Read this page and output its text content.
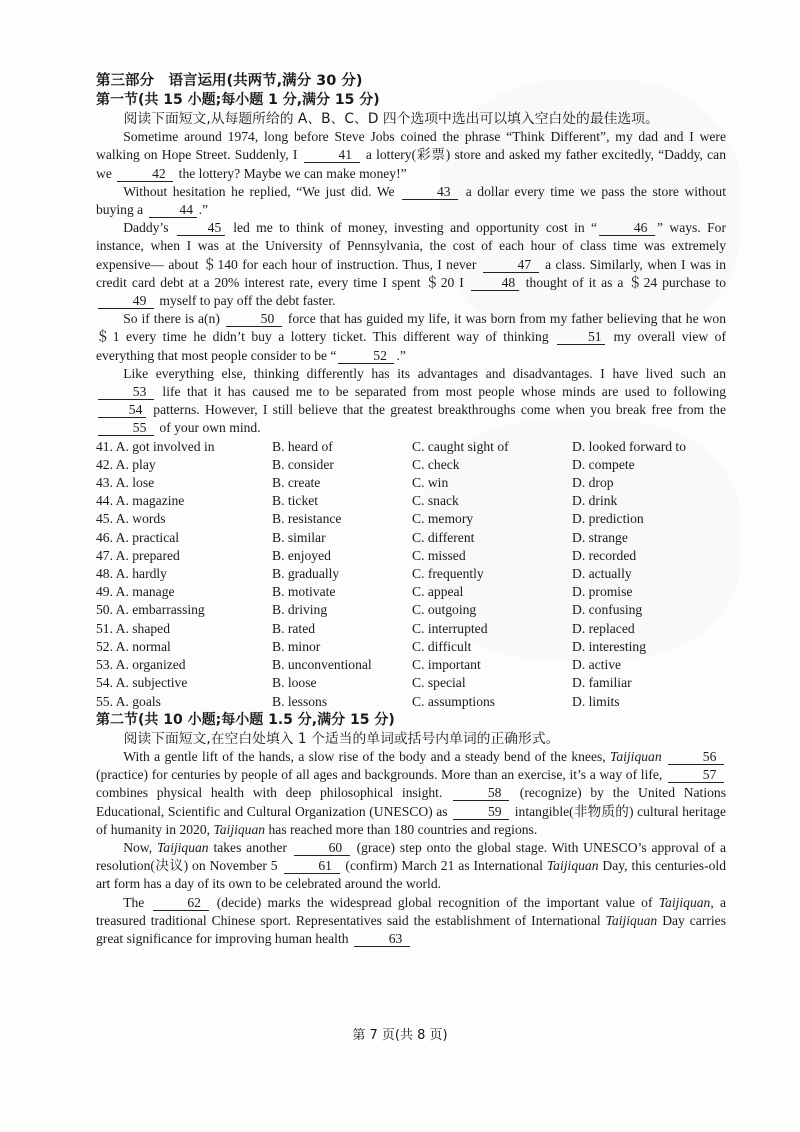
第三部分　语言运用(共两节,满分 30 分)
第一节(共 15 小题;每小题 1 分,满分 15 分)
阅读下面短文,从每题所给的 A、B、C、D 四个选项中选出可以填入空白处的最佳选项。

Sometime around 1974, long before Steve Jobs coined the phrase “Think Different”, my dad and I were walking on Hope Street. Suddenly, I	41 a lottery(彩票) store and asked my father excitedly, “Daddy, can we	42 the lottery? Maybe we can make money!”

Without hesitation he replied, “We just did. We	43 a dollar every time we pass the store without buying a	44 .”

Daddy’s	45 led me to think of money, investing and opportunity cost in “	46 ” ways. For instance, when I was at the University of Pennsylvania, the cost of each hour of class time was extremely expensive— about ＄140 for each hour of instruction. Thus, I never	47 a class. Similarly, when I was in credit card debt at a 20% interest rate, every time I spent ＄20 I	48 thought of it as a ＄24 purchase to 49 myself to pay off the debt faster.

So if there is a(n)	50 force that has guided my life, it was born from my father believing that he won ＄1 every time he didn’t buy a lottery ticket. This different way of thinking	51 my overall view of everything that most people consider to be “	52 .”

Like everything else, thinking differently has its advantages and disadvantages. I have lived such an 53 life that it has caused me to be separated from most people whose minds are used to following 54 patterns. However, I still believe that the greatest breakthroughs come when you break free from the 55 of your own mind.

41. A. got involved in	B. heard of	C. caught sight of	D. looked forward to
42. A. play	B. consider	C. check	D. compete
43. A. lose	B. create	C. win	D. drop
44. A. magazine	B. ticket	C. snack	D. drink
45. A. words	B. resistance	C. memory	D. prediction
46. A. practical	B. similar	C. different	D. strange
47. A. prepared	B. enjoyed	C. missed	D. recorded
48. A. hardly	B. gradually	C. frequently	D. actually
49. A. manage	B. motivate	C. appeal	D. promise
50. A. embarrassing	B. driving	C. outgoing	D. confusing
51. A. shaped	B. rated	C. interrupted	D. replaced
52. A. normal	B. minor	C. difficult	D. interesting
53. A. organized	B. unconventional	C. important	D. active
54. A. subjective	B. loose	C. special	D. familiar
55. A. goals	B. lessons	C. assumptions	D. limits
第二节(共 10 小题;每小题 1.5 分,满分 15 分)
阅读下面短文,在空白处填入 1 个适当的单词或括号内单词的正确形式。

With a gentle lift of the hands, a slow rise of the body and a steady bend of the knees, Taijiquan	56 (practice) for centuries by people of all ages and backgrounds. More than an exercise, it’s a way of life,	57 combines physical health with deep philosophical insight.	58 (recognize) by the United Nations Educational, Scientific and Cultural Organization (UNESCO) as	59 intangible(非物质的) cultural heritage of humanity in 2020, Taijiquan has reached more than 180 countries and regions.

Now, Taijiquan takes another	60 (grace) step onto the global stage. With UNESCO’s approval of a resolution(决议) on November 5	61 (confirm) March 21 as International Taijiquan Day, this centuries-old art form has a day of its own to be celebrated around the world.

The	62 (decide) marks the widespread global recognition of the important value of Taijiquan, a treasured traditional Chinese sport. Representatives said the establishment of International Taijiquan Day carries great significance for improving human health	63

第 7 页(共 8 页)
